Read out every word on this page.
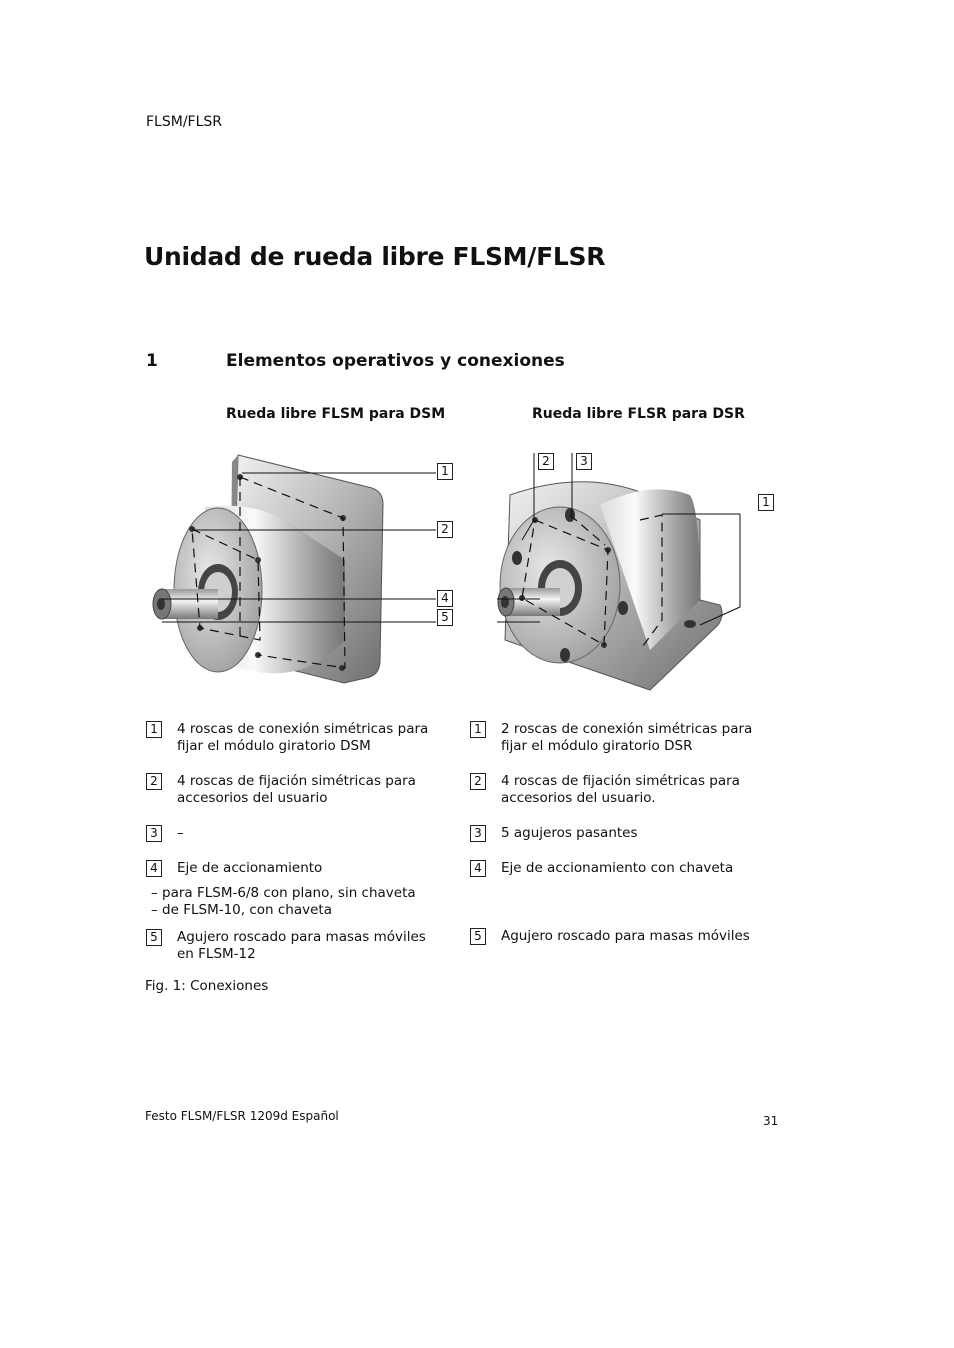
FLSM/FLSR
Unidad de rueda libre FLSM/FLSR
1	Elementos operativos y conexiones
Rueda libre FLSM para DSM	Rueda libre FLSR para DSR
1
2
4
5
2	3
1
1	4 roscas de conexión simétricas para fijar el módulo giratorio DSM
2	4 roscas de fijación simétricas para accesorios del usuario
3	–
4	Eje de accionamiento
– para FLSM-6/8 con plano, sin chaveta
– de FLSM-10, con chaveta
5	Agujero roscado para masas móviles en FLSM-12
1	2 roscas de conexión simétricas para fijar el módulo giratorio DSR
2	4 roscas de fijación simétricas para accesorios del usuario.
3	5 agujeros pasantes
4	Eje de accionamiento con chaveta
5	Agujero roscado para masas móviles
Fig. 1: Conexiones
Festo FLSM/FLSR 1209d Español	31
